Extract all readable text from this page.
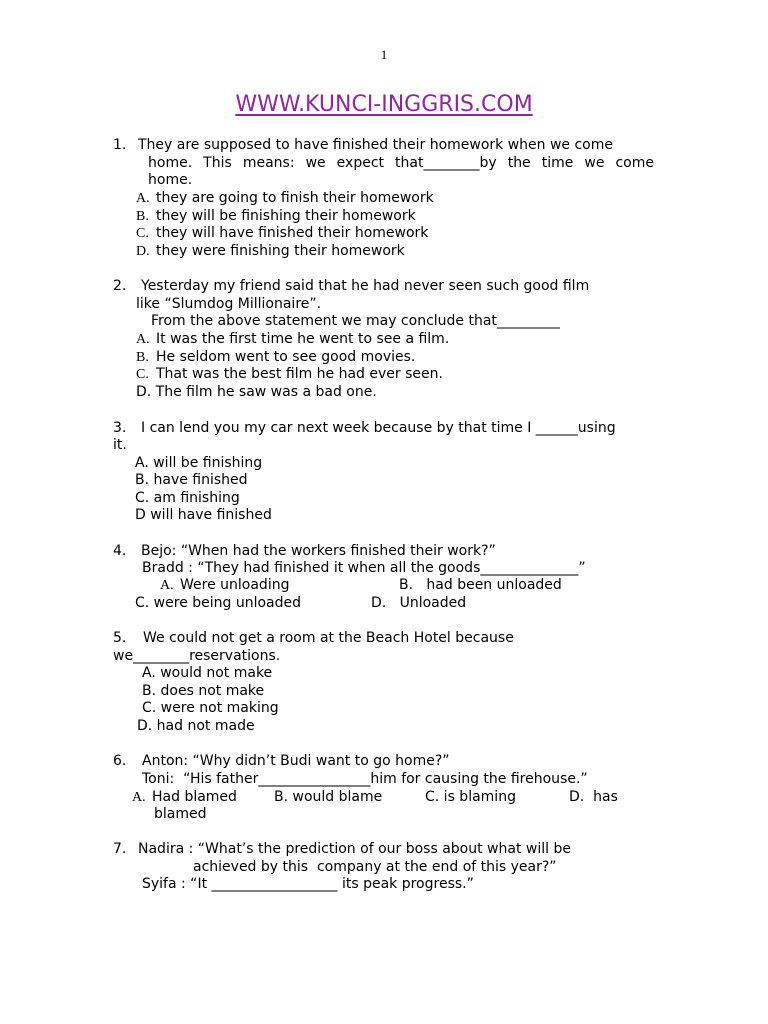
1
WWW.KUNCI-INGGRIS.COM
1. They are supposed to have finished their homework when we come
home. This means: we expect that________by the time we come
home.
A. they are going to finish their homework
B. they will be finishing their homework
C. they will have finished their homework
D. they were finishing their homework
2. Yesterday my friend said that he had never seen such good film
like “Slumdog Millionaire”.
From the above statement we may conclude that_________
A. It was the first time he went to see a film.
B. He seldom went to see good movies.
C. That was the best film he had ever seen.
D. The film he saw was a bad one.
3. I can lend you my car next week because by that time I ______using
it.
A. will be finishing
B. have finished
C. am finishing
D will have finished
4. Bejo: “When had the workers finished their work?”
Bradd : “They had finished it when all the goods______________”
A. Were unloading	B.   had been unloaded
C. were being unloaded	D.   Unloaded
5. We could not get a room at the Beach Hotel because
we________reservations.
A. would not make
B. does not make
C. were not making
D. had not made
6. Anton: “Why didn’t Budi want to go home?”
Toni:  “His father________________him for causing the firehouse.”
A. Had blamed	B. would blame	C. is blaming	D.  has
blamed
7. Nadira : “What’s the prediction of our boss about what will be
achieved by this  company at the end of this year?”
Syifa : “It __________________ its peak progress.”
